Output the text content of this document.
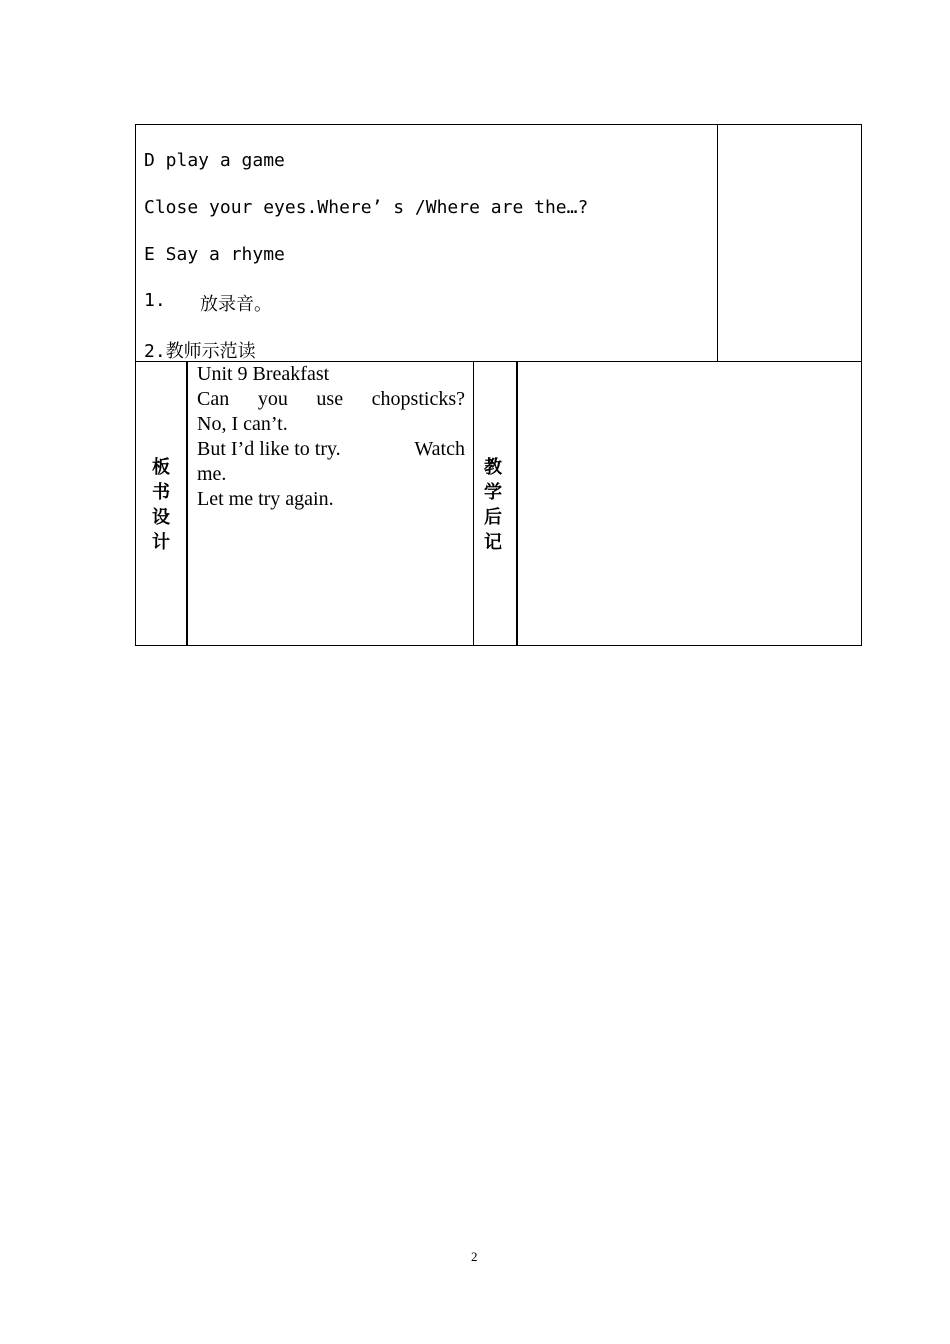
D play a game
Close your eyes.Where’ s /Where are the…?
E Say a rhyme
1. 放录音。
2.教师示范读
板
书
设
计
Unit 9 Breakfast
Can you use chopsticks?
No, I can’t.
But I’d like to try.	Watch
me.
Let me try again.
教
学
后
记
2
